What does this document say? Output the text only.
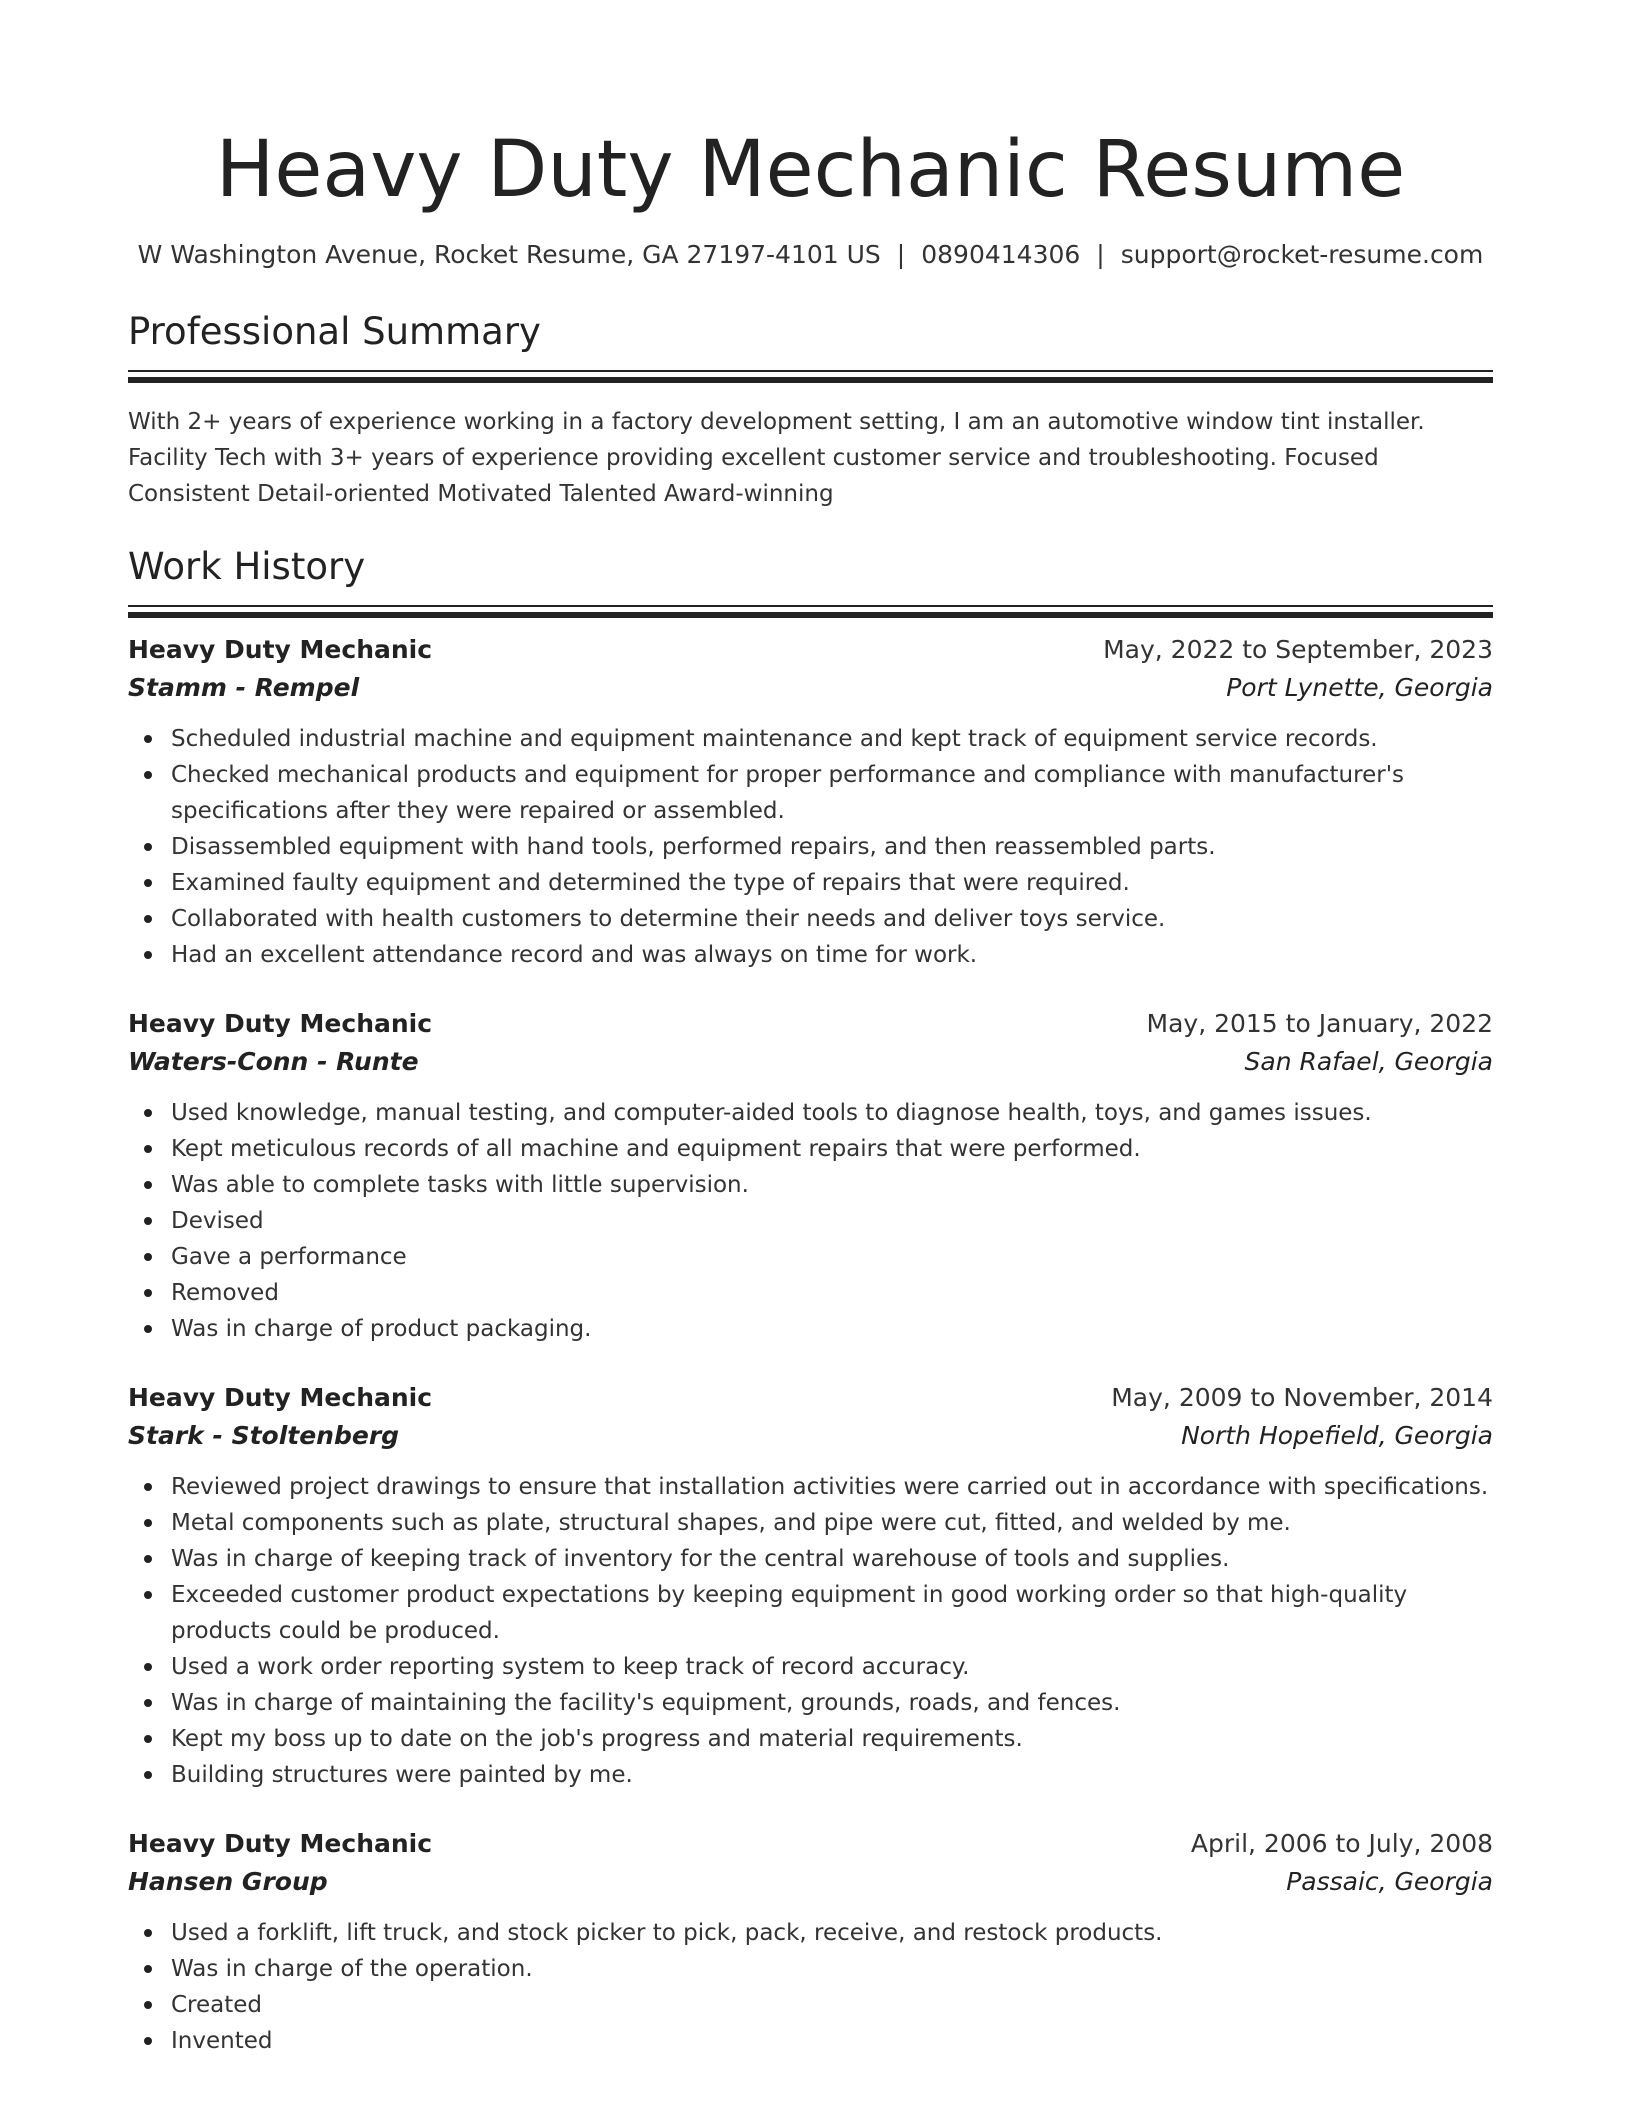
Heavy Duty Mechanic Resume
W Washington Avenue, Rocket Resume, GA 27197-4101 US | 0890414306 | support@rocket-resume.com
Professional Summary

With 2+ years of experience working in a factory development setting, I am an automotive window tint installer. Facility Tech with 3+ years of experience providing excellent customer service and troubleshooting. Focused Consistent Detail-oriented Motivated Talented Award-winning

Work History
Heavy Duty Mechanic	May, 2022 to September, 2023
Stamm - Rempel	Port Lynette, Georgia
Scheduled industrial machine and equipment maintenance and kept track of equipment service records.
Checked mechanical products and equipment for proper performance and compliance with manufacturer's specifications after they were repaired or assembled.
Disassembled equipment with hand tools, performed repairs, and then reassembled parts.
Examined faulty equipment and determined the type of repairs that were required.
Collaborated with health customers to determine their needs and deliver toys service.
Had an excellent attendance record and was always on time for work.
Heavy Duty Mechanic	May, 2015 to January, 2022
Waters-Conn - Runte	San Rafael, Georgia
Used knowledge, manual testing, and computer-aided tools to diagnose health, toys, and games issues.
Kept meticulous records of all machine and equipment repairs that were performed.
Was able to complete tasks with little supervision.
Devised
Gave a performance
Removed
Was in charge of product packaging.
Heavy Duty Mechanic	May, 2009 to November, 2014
Stark - Stoltenberg	North Hopefield, Georgia
Reviewed project drawings to ensure that installation activities were carried out in accordance with specifications.
Metal components such as plate, structural shapes, and pipe were cut, fitted, and welded by me.
Was in charge of keeping track of inventory for the central warehouse of tools and supplies.
Exceeded customer product expectations by keeping equipment in good working order so that high-quality products could be produced.
Used a work order reporting system to keep track of record accuracy.
Was in charge of maintaining the facility's equipment, grounds, roads, and fences.
Kept my boss up to date on the job's progress and material requirements.
Building structures were painted by me.
Heavy Duty Mechanic	April, 2006 to July, 2008
Hansen Group	Passaic, Georgia
Used a forklift, lift truck, and stock picker to pick, pack, receive, and restock products.
Was in charge of the operation.
Created
Invented
